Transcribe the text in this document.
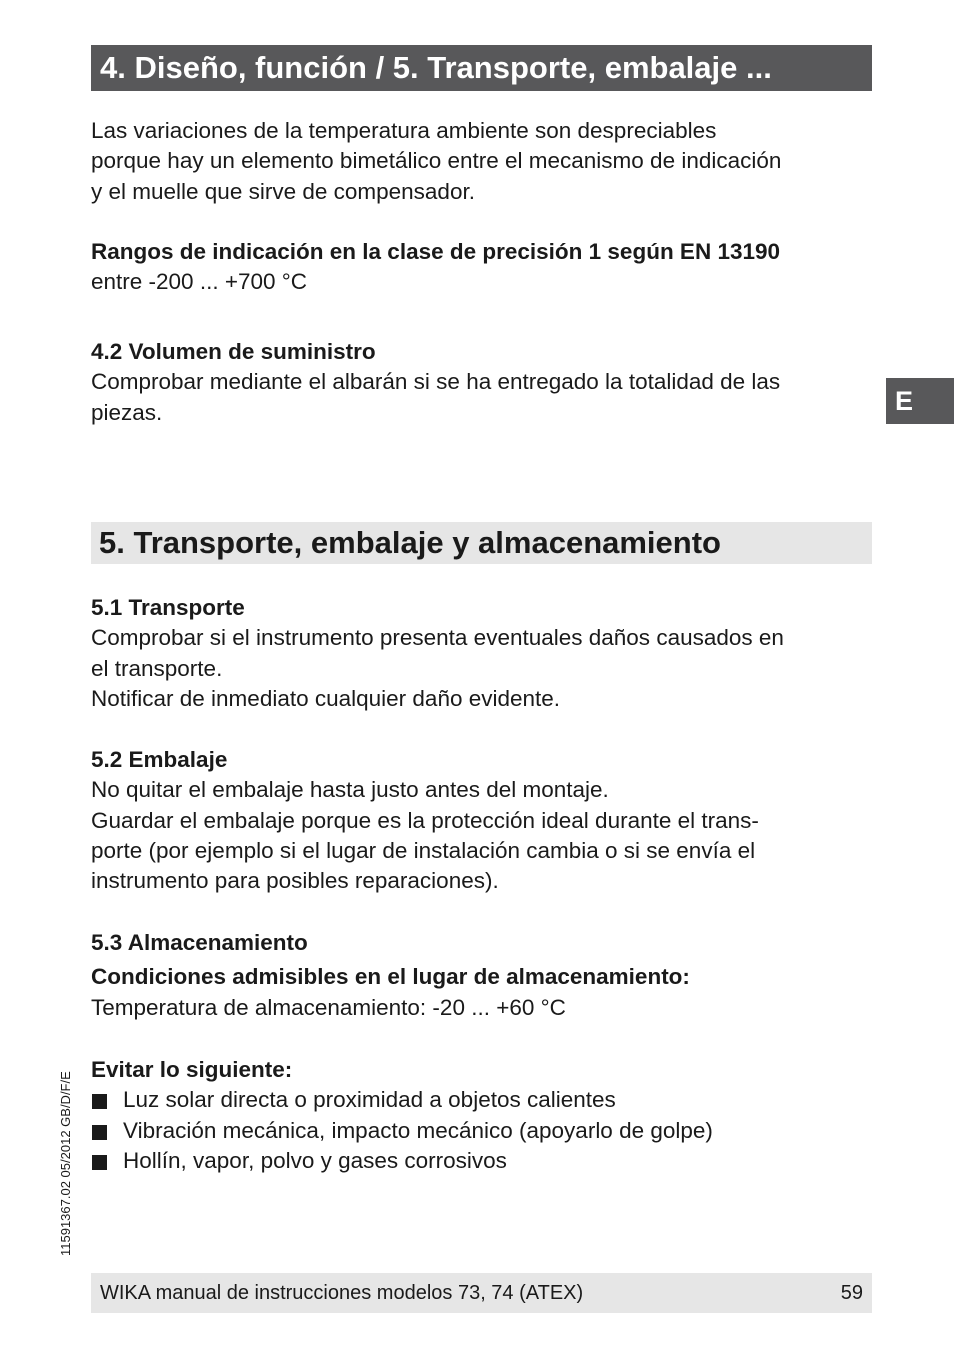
4. Diseño, función / 5. Transporte, embalaje ...

Las variaciones de la temperatura ambiente son despreciables

porque hay un elemento bimetálico entre el mecanismo de indicación

y el muelle que sirve de compensador.

Rangos de indicación en la clase de precisión 1 según EN 13190

entre -200 ... +700 °C

4.2 Volumen de suministro

Comprobar mediante el albarán si se ha entregado la totalidad de las

piezas.	E
5. Transporte, embalaje y almacenamiento

5.1 Transporte

Comprobar si el instrumento presenta eventuales daños causados en

el transporte.

Notificar de inmediato cualquier daño evidente.

5.2 Embalaje

No quitar el embalaje hasta justo antes del montaje.

Guardar el embalaje porque es la protección ideal durante el trans-

porte (por ejemplo si el lugar de instalación cambia o si se envía el

instrumento para posibles reparaciones).

5.3 Almacenamiento

Condiciones admisibles en el lugar de almacenamiento:

Temperatura de almacenamiento: -20 ... +60 °C

Evitar lo siguiente:

Luz solar directa o proximidad a objetos calientes
Vibración mecánica, impacto mecánico (apoyarlo de golpe)
Hollín, vapor, polvo y gases corrosivos
11591367.02 05/2012 GB/D/F/E
WIKA manual de instrucciones modelos 73, 74 (ATEX)	59
